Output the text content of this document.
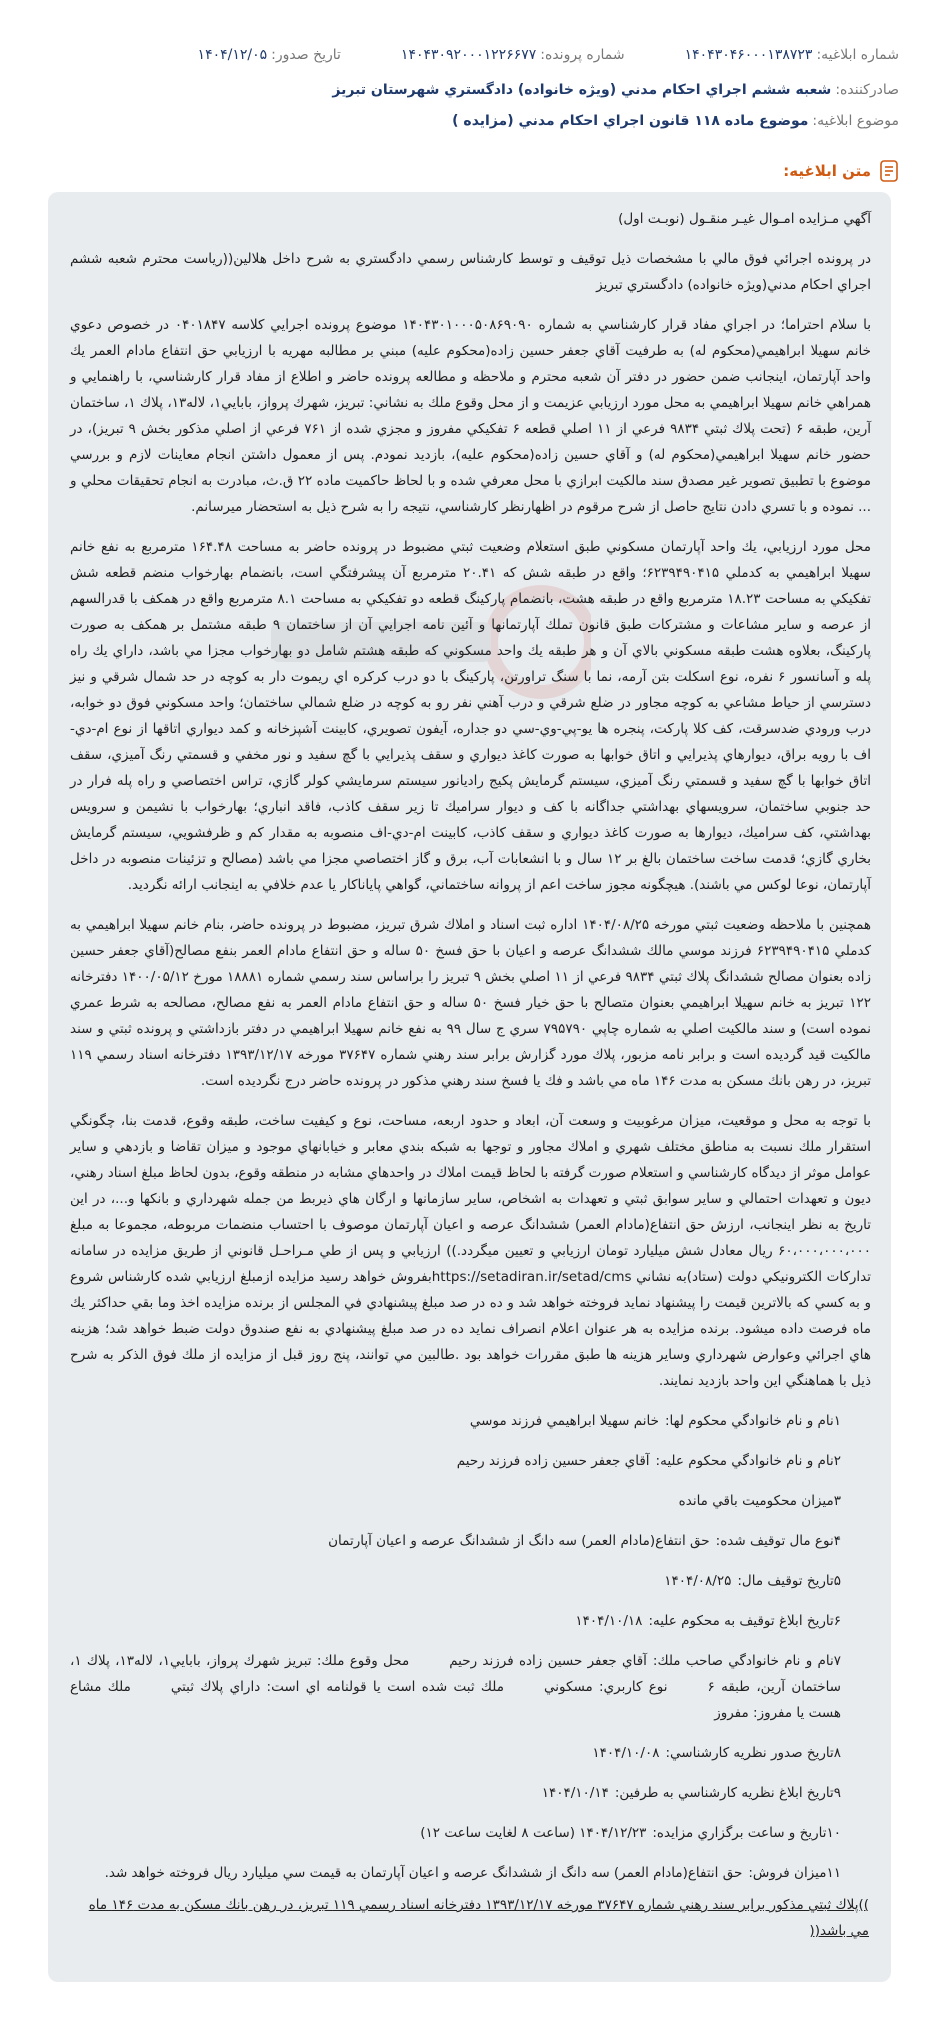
شماره ابلاغيه:۱۴۰۴۳۰۴۶۰۰۰۱۳۸۷۲۳
شماره پرونده:۱۴۰۴۳۰۹۲۰۰۰۱۲۲۶۶۷۷
تاريخ صدور:۱۴۰۴/۱۲/۰۵
صادرکننده:شعبه ششم اجراي احكام مدني (ويژه خانواده) دادگستري شهرستان تبريز
موضوع ابلاغيه:موضوع ماده ۱۱۸ قانون اجراي احكام مدني (مزايده )
متن ابلاغيه:

آگهي مـزايده امـوال غيـر منقـول (نوبـت اول)

در پرونده اجرائي فوق مالي با مشخصات ذيل توقيف و توسط كارشناس رسمي دادگستري به شرح داخل هلالين((رياست محترم شعبه ششم اجراي احكام مدني(ويژه خانواده) دادگستري تبريز

با سلام احتراما؛ در اجراي مفاد قرار كارشناسي به شماره ۱۴۰۴۳۰۱۰۰۰۵۰۸۶۹۰۹۰ موضوع پرونده اجرايي كلاسه ۰۴۰۱۸۴۷ در خصوص دعوي خانم سهيلا ابراهيمي(محكوم له) به طرفيت آقاي جعفر حسين زاده(محكوم عليه) مبني بر مطالبه مهريه با ارزيابي حق انتفاع مادام العمر يك واحد آپارتمان، اينجانب ضمن حضور در دفتر آن شعبه محترم و ملاحظه و مطالعه پرونده حاضر و اطلاع از مفاد قرار كارشناسي، با راهنمايي و همراهي خانم سهيلا ابراهيمي به محل مورد ارزيابي عزيمت و از محل وقوع ملك به نشاني: تبريز، شهرك پرواز، بابايي۱، لاله۱۳، پلاك ۱، ساختمان آرين، طبقه ۶ (تحت پلاك ثبتي ۹۸۳۴ فرعي از ۱۱ اصلي قطعه ۶ تفكيكي مفروز و مجزي شده از ۷۶۱ فرعي از اصلي مذكور بخش ۹ تبريز)، در حضور خانم سهيلا ابراهيمي(محكوم له) و آقاي حسين زاده(محكوم عليه)، بازديد نمودم. پس از معمول داشتن انجام معاينات لازم و بررسي موضوع با تطبيق تصوير غير مصدق سند مالكيت ابرازي با محل معرفي شده و با لحاظ حاكميت ماده ۲۲ ق.ث، مبادرت به انجام تحقيقات محلي و ... نموده و با تسري دادن نتايج حاصل از شرح مرقوم در اظهارنظر كارشناسي، نتيجه را به شرح ذيل به استحضار ميرسانم.

محل مورد ارزيابي، يك واحد آپارتمان مسكوني طبق استعلام وضعيت ثبتي مضبوط در پرونده حاضر به مساحت ۱۶۴.۴۸ مترمربع به نفع خانم سهيلا ابراهيمي به كدملي ۶۲۳۹۴۹۰۴۱۵؛ واقع در طبقه شش كه ۲۰.۴۱ مترمربع آن پيشرفتگي است، بانضمام بهارخواب منضم قطعه شش تفكيكي به مساحت ۱۸.۲۳ مترمربع واقع در طبقه هشت، بانضمام پاركينگ قطعه دو تفكيكي به مساحت ۸.۱ مترمربع واقع در همكف با قدرالسهم از عرصه و ساير مشاعات و مشتركات طبق قانون تملك آپارتمانها و آئين نامه اجرايي آن از ساختمان ۹ طبقه مشتمل بر همكف به صورت پاركينگ، بعلاوه هشت طبقه مسكوني بالاي آن و هر طبقه يك واحد مسكوني كه طبقه هشتم شامل دو بهارخواب مجزا مي باشد، داراي يك راه پله و آسانسور ۶ نفره، نوع اسكلت بتن آرمه، نما با سنگ تراورتن، پاركينگ با دو درب كركره اي ريموت دار به كوچه در حد شمال شرقي و نيز دسترسي از حياط مشاعي به كوچه مجاور در ضلع شرقي و درب آهني نفر رو به كوچه در ضلع شمالي ساختمان؛ واحد مسكوني فوق دو خوابه، درب ورودي ضدسرقت، كف كلا پاركت، پنجره ها يو-پي-وي-سي دو جداره، آيفون تصويري، كابينت آشپزخانه و كمد ديواري اتاقها از نوع ام-دي-اف با رويه براق، ديوارهاي پذيرايي و اتاق خوابها به صورت كاغذ ديواري و سقف پذيرايي با گچ سفيد و نور مخفي و قسمتي رنگ آميزي، سقف اتاق خوابها با گچ سفيد و قسمتي رنگ آميزي، سيستم گرمايش پكيج راديانور سيستم سرمايشي كولر گازي، تراس اختصاصي و راه پله فرار در حد جنوبي ساختمان، سرويسهاي بهداشتي جداگانه با كف و ديوار سراميك تا زير سقف كاذب، فاقد انباري؛ بهارخواب با نشيمن و سرويس بهداشتي، كف سراميك، ديوارها به صورت كاغذ ديواري و سقف كاذب، كابينت ام-دي-اف منصوبه به مقدار كم و ظرفشويي، سيستم گرمايش بخاري گازي؛ قدمت ساخت ساختمان بالغ بر ۱۲ سال و با انشعابات آب، برق و گاز اختصاصي مجزا مي باشد (مصالح و تزئينات منصوبه در داخل آپارتمان، نوعا لوكس مي باشند). هيچگونه مجوز ساخت اعم از پروانه ساختماني، گواهي پاياناكار يا عدم خلافي به اينجانب ارائه نگرديد.

همچنين با ملاحظه وضعيت ثبتي مورخه ۱۴۰۴/۰۸/۲۵ اداره ثبت اسناد و املاك شرق تبريز، مضبوط در پرونده حاضر، بنام خانم سهيلا ابراهيمي به كدملي ۶۲۳۹۴۹۰۴۱۵ فرزند موسي مالك ششدانگ عرصه و اعيان با حق فسخ ۵۰ ساله و حق انتفاع مادام العمر بنفع مصالح(آقاي جعفر حسين زاده بعنوان مصالح ششدانگ پلاك ثبتي ۹۸۳۴ فرعي از ۱۱ اصلي بخش ۹ تبريز را براساس سند رسمي شماره ۱۸۸۸۱ مورخ ۱۴۰۰/۰۵/۱۲ دفترخانه ۱۲۲ تبريز به خانم سهيلا ابراهيمي بعنوان متصالح با حق خيار فسخ ۵۰ ساله و حق انتفاع مادام العمر به نفع مصالح، مصالحه به شرط عمري نموده است) و سند مالكيت اصلي به شماره چاپي ۷۹۵۷۹۰ سري ج سال ۹۹ به نفع خانم سهيلا ابراهيمي در دفتر بازداشتي و پرونده ثبتي و سند مالكيت قيد گرديده است و برابر نامه مزبور، پلاك مورد گزارش برابر سند رهني شماره ۳۷۶۴۷ مورخه ۱۳۹۳/۱۲/۱۷ دفترخانه اسناد رسمي ۱۱۹ تبريز، در رهن بانك مسكن به مدت ۱۴۶ ماه مي باشد و فك يا فسخ سند رهني مذكور در پرونده حاضر درج نگرديده است.

با توجه به محل و موقعيت، ميزان مرغوبيت و وسعت آن، ابعاد و حدود اربعه، مساحت، نوع و كيفيت ساخت، طبقه وقوع، قدمت بنا، چگونگي استقرار ملك نسبت به مناطق مختلف شهري و املاك مجاور و توجها به شبكه بندي معابر و خيابانهاي موجود و ميزان تقاضا و بازدهي و ساير عوامل موثر از ديدگاه كارشناسي و استعلام صورت گرفته با لحاظ قيمت املاك در واحدهاي مشابه در منطقه وقوع، بدون لحاظ مبلغ اسناد رهني، ديون و تعهدات احتمالي و ساير سوابق ثبتي و تعهدات به اشخاص، ساير سازمانها و ارگان هاي ذيربط من جمله شهرداري و بانكها و...، در اين تاريخ به نظر اينجانب، ارزش حق انتفاع(مادام العمر) ششدانگ عرصه و اعيان آپارتمان موصوف با احتساب منضمات مربوطه، مجموعا به مبلغ ۶۰،۰۰۰،۰۰۰،۰۰۰ ريال معادل شش ميليارد تومان ارزيابي و تعيين ميگردد.)) ارزيابي و پس از طي مـراحـل قانوني از طريق مزايده در سامانه تداركات الكترونيكي دولت (ستاد)به نشاني https://setadiran.ir/setad/cmsبفروش خواهد رسيد مزايده ازمبلغ ارزيابي شده كارشناس شروع و به كسي كه بالاترين قيمت را پيشنهاد نمايد فروخته خواهد شد و ده در صد مبلغ پيشنهادي في المجلس از برنده مزايده اخذ وما بقي حداكثر يك ماه فرصت داده ميشود. برنده مزايده به هر عنوان اعلام انصراف نمايد ده در صد مبلغ پيشنهادي به نفع صندوق دولت ضبط خواهد شد؛ هزينه هاي اجرائي وعوارض شهرداري وساير هزينه ها طبق مقررات خواهد بود .طالبين مي توانند، پنج روز قبل از مزايده از ملك فوق الذكر به شرح ذيل با هماهنگي اين واحد بازديد نمايند.

۱نام و نام خانوادگي محكوم لها:خانم سهيلا ابراهيمي فرزند موسي
۲نام و نام خانوادگي محكوم عليه:آقاي جعفر حسين زاده فرزند رحيم
۳ميزان محكوميت باقي مانده
۴نوع مال توقيف شده:حق انتفاع(مادام العمر) سه دانگ از ششدانگ عرصه و اعيان آپارتمان
۵تاريخ توقيف مال:۱۴۰۴/۰۸/۲۵
۶تاريخ ابلاغ توقيف به محكوم عليه:۱۴۰۴/۱۰/۱۸
۷نام و نام خانوادگي صاحب ملك:آقاي جعفر حسين زاده فرزند رحيممحل وقوع ملك: تبريز شهرك پرواز، بابايي۱، لاله۱۳، پلاك ۱، ساختمان آرين، طبقه ۶نوع كاربري: مسكونيملك ثبت شده است يا قولنامه اي است: داراي پلاك ثبتيملك مشاع هست يا مفروز: مفروز
۸تاريخ صدور نظريه كارشناسي:۱۴۰۴/۱۰/۰۸
۹تاريخ ابلاغ نظريه كارشناسي به طرفين:۱۴۰۴/۱۰/۱۴
۱۰تاريخ و ساعت برگزاري مزايده:۱۴۰۴/۱۲/۲۳ (ساعت ۸ لغايت ساعت ۱۲)
۱۱ميزان فروش:حق انتفاع(مادام العمر) سه دانگ از ششدانگ عرصه و اعيان آپارتمان به قيمت سي ميليارد ريال فروخته خواهد شد.
))پلاك ثبتي مذكور برابر سند رهني شماره ۳۷۶۴۷ مورخه ۱۳۹۳/۱۲/۱۷ دفترخانه اسناد رسمي ۱۱۹ تبريز، در رهن بانك مسكن به مدت ۱۴۶ ماه مي باشد((
